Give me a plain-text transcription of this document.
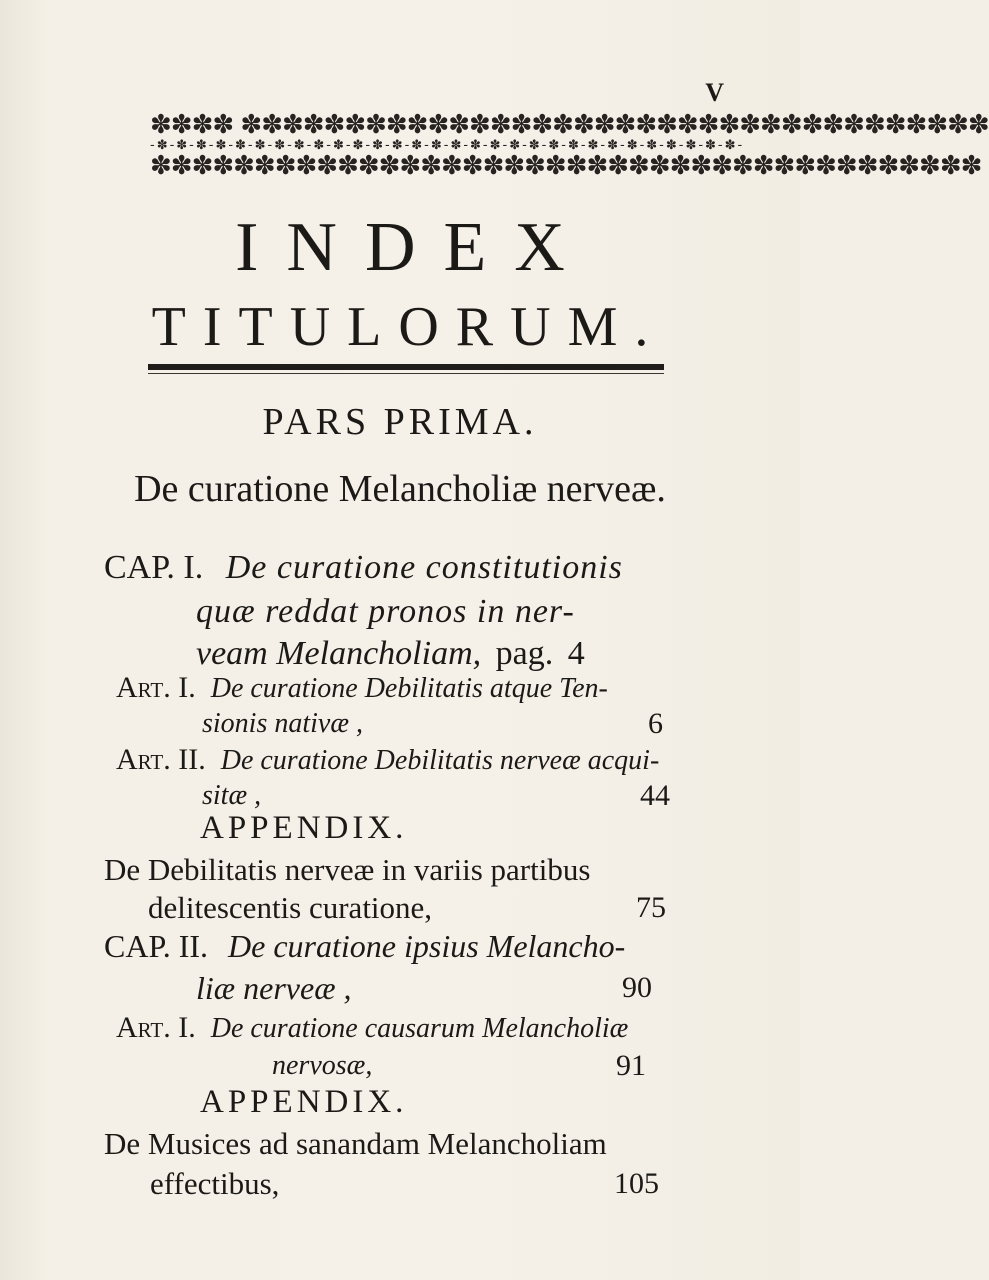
V
✽✽✽✽ ✽✽✽✽✽✽✽✽✽✽✽✽✽✽✽✽✽✽✽✽✽✽✽✽✽✽✽✽✽✽✽✽✽✽✽✽
-✽-✽-✽-✽-✽-✽-✽-✽-✽-✽-✽-✽-✽-✽-✽-✽-✽-✽-✽-✽-✽-✽-✽-✽-✽-✽-✽-✽-✽-✽-
✽✽✽✽✽✽✽✽✽✽✽✽✽✽✽✽✽✽✽✽✽✽✽✽✽✽✽✽✽✽✽✽✽✽✽✽✽✽✽✽
INDEX
TITULORUM.
PARS PRIMA.
De curatione Melancholiæ nerveæ.
CAP. I. De curatione constitutionis
quæ reddat pronos in ner-
veam Melancholiam, pag. 4
Art. I. De curatione Debilitatis atque Ten-
sionis nativæ ,	6
Art. II. De curatione Debilitatis nerveæ acqui-
sitæ ,	44
APPENDIX.
De Debilitatis nerveæ in variis partibus
delitescentis curatione,	75
CAP. II. De curatione ipsius Melancho-
liæ nerveæ ,	90
Art. I. De curatione causarum Melancholiæ
nervosæ,	91
APPENDIX.
De Musices ad sanandam Melancholiam
effectibus,	105
